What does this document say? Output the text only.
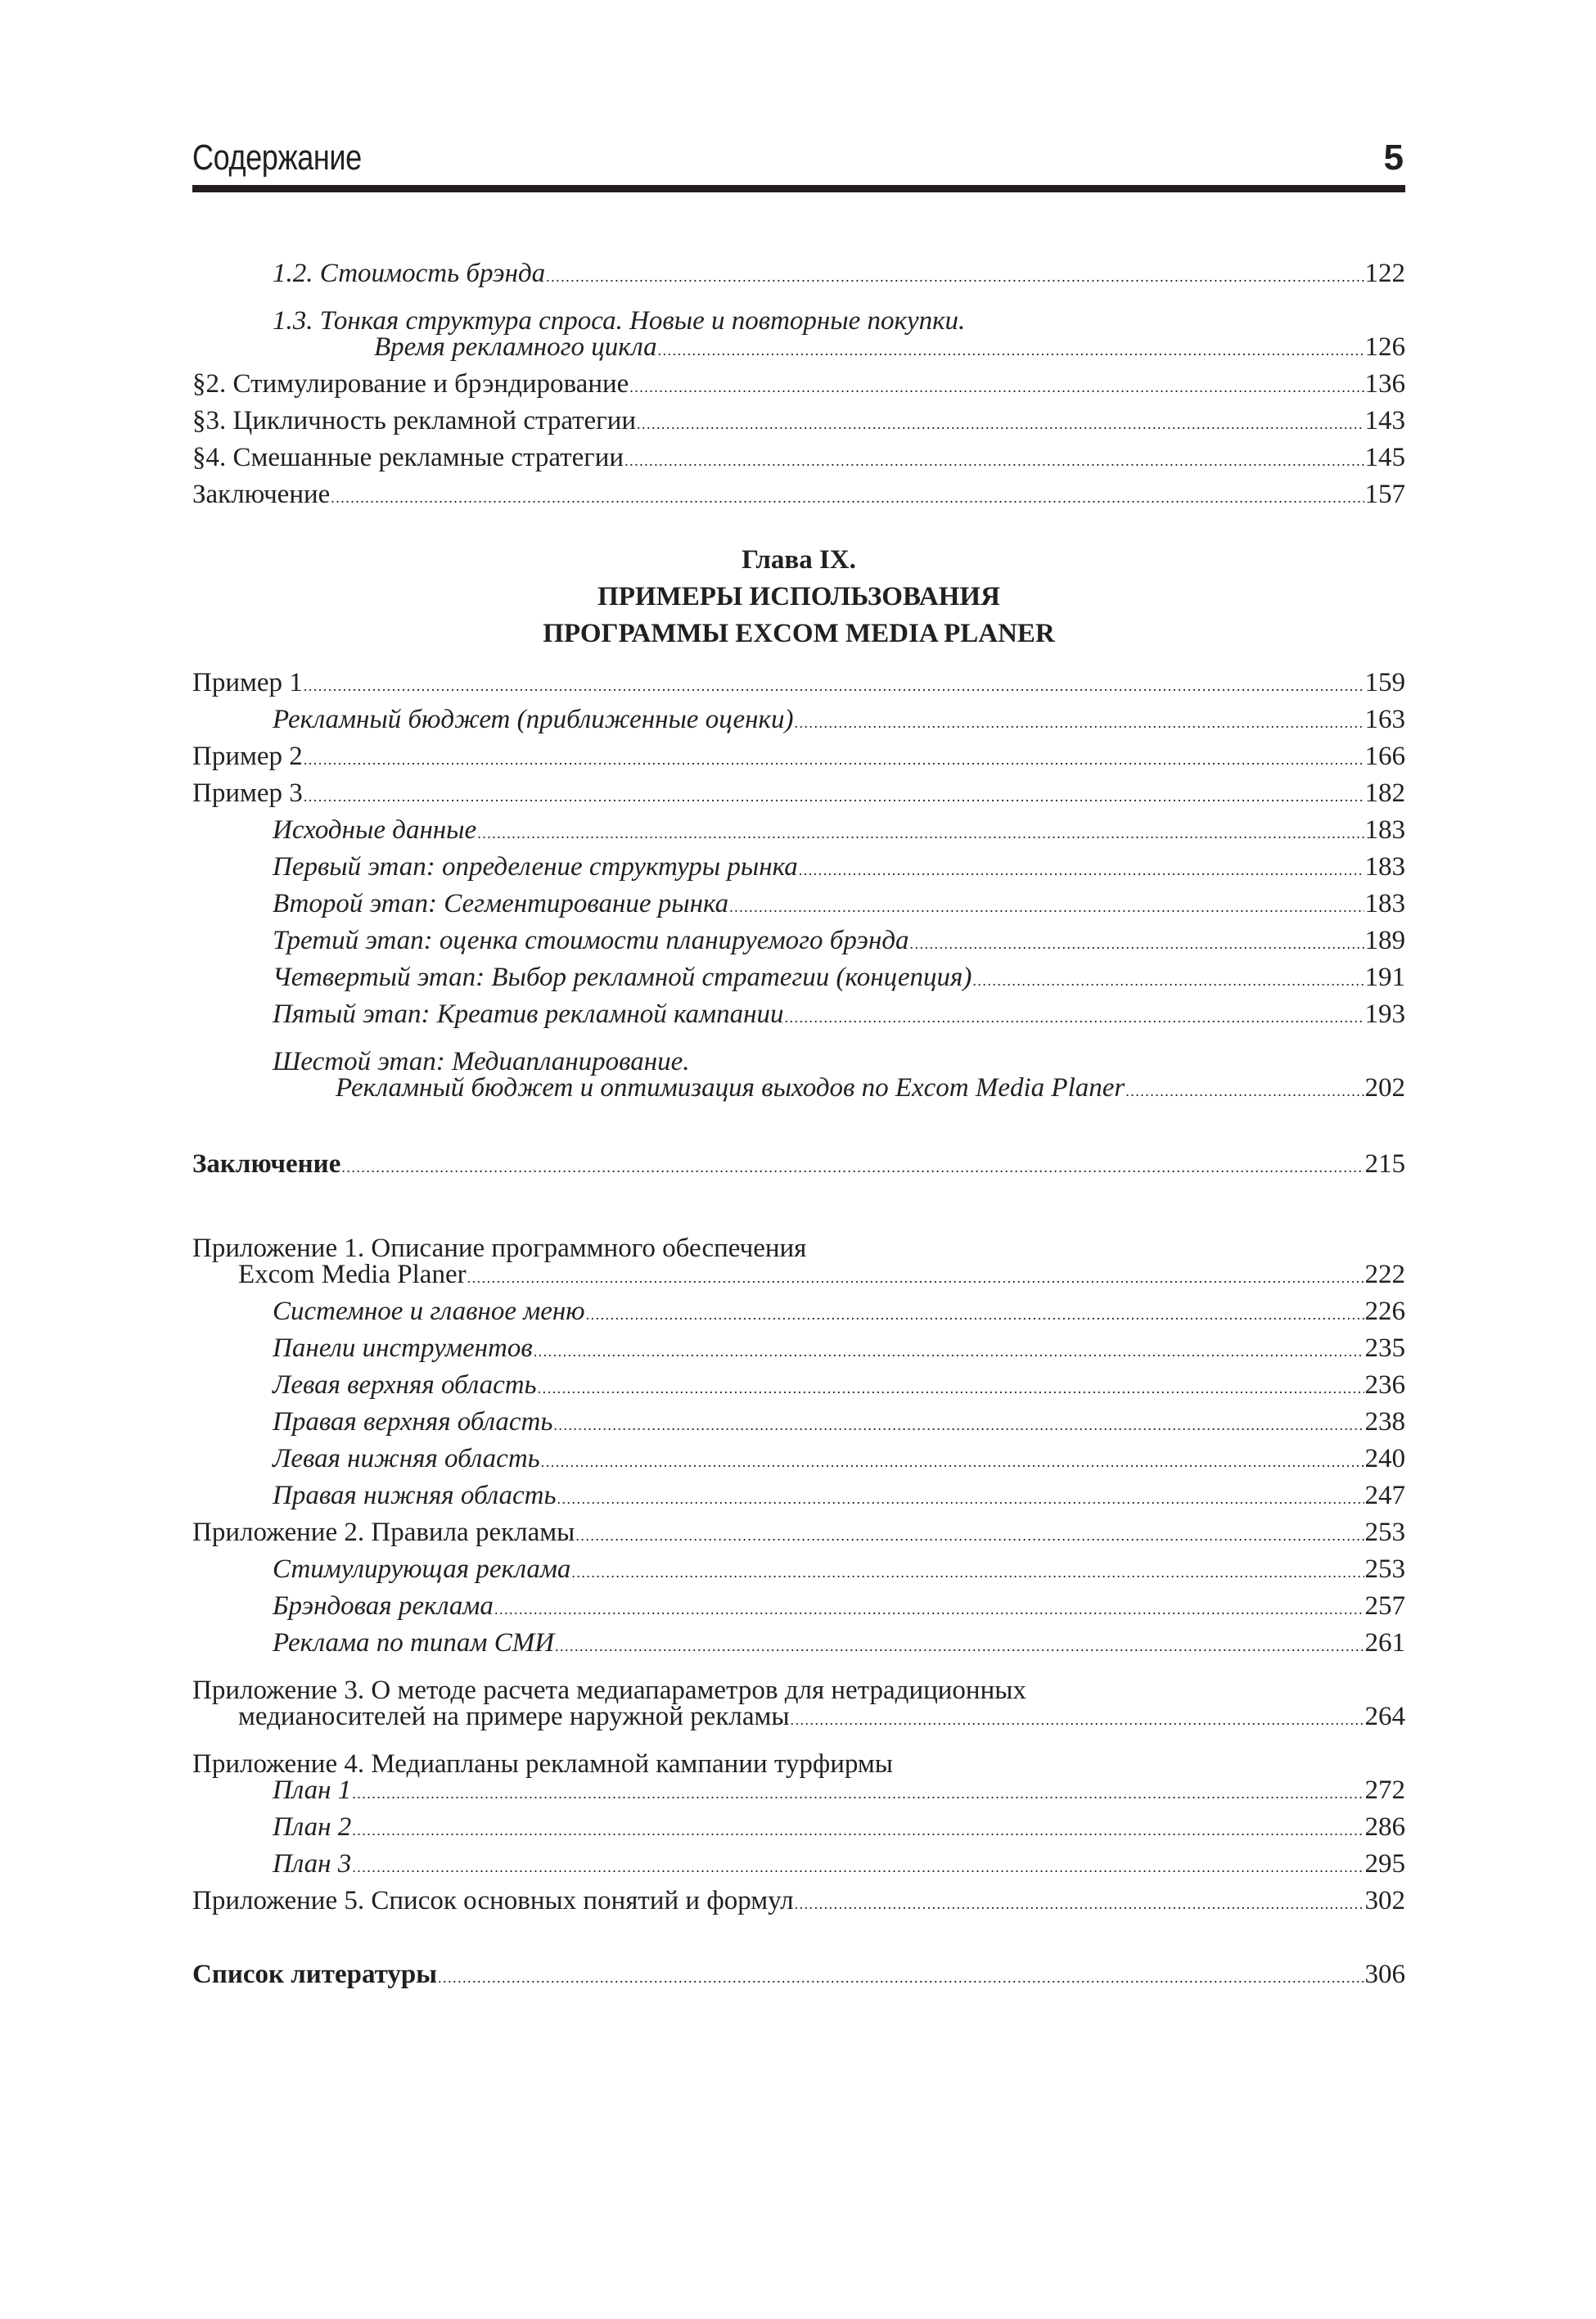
Содержание	5
1.2. Стоимость брэнда .....	122
1.3. Тонкая структура спроса. Новые и повторные покупки.
Время рекламного цикла .....	126
§2. Стимулирование и брэндирование .....	136
§3. Цикличность рекламной стратегии .....	143
§4. Смешанные рекламные стратегии .....	145
Заключение .....	157
Пример 1 .....	159
Рекламный бюджет (приближенные оценки) .....	163
Пример 2 .....	166
Пример 3 .....	182
Исходные данные .....	183
Первый этап: определение структуры рынка .....	183
Второй этап: Сегментирование рынка .....	183
Третий этап: оценка стоимости планируемого брэнда .....	189
Четвертый этап: Выбор рекламной стратегии (концепция) .....	191
Пятый этап: Креатив рекламной кампании .....	193
Шестой этап: Медиапланирование.
Рекламный бюджет и оптимизация выходов по Excom Media Planer .....	202
Заключение .....	215
Приложение 1. Описание программного обеспечения
Excom Media Planer .....	222
Системное и главное меню .....	226
Панели инструментов .....	235
Левая верхняя область .....	236
Правая верхняя область .....	238
Левая нижняя область .....	240
Правая нижняя область .....	247
Приложение 2. Правила рекламы .....	253
Стимулирующая реклама .....	253
Брэндовая реклама .....	257
Реклама по типам СМИ .....	261
Приложение 3. О методе расчета медиапараметров для нетрадиционных
медианосителей на примере наружной рекламы .....	264
Приложение 4. Медиапланы рекламной кампании турфирмы
План 1 .....	272
План 2 .....	286
План 3 .....	295
Приложение 5. Список основных понятий и формул .....	302
Список литературы .....	306
Глава IX.
ПРИМЕРЫ ИСПОЛЬЗОВАНИЯ
ПРОГРАММЫ EXCOM MEDIA PLANER
